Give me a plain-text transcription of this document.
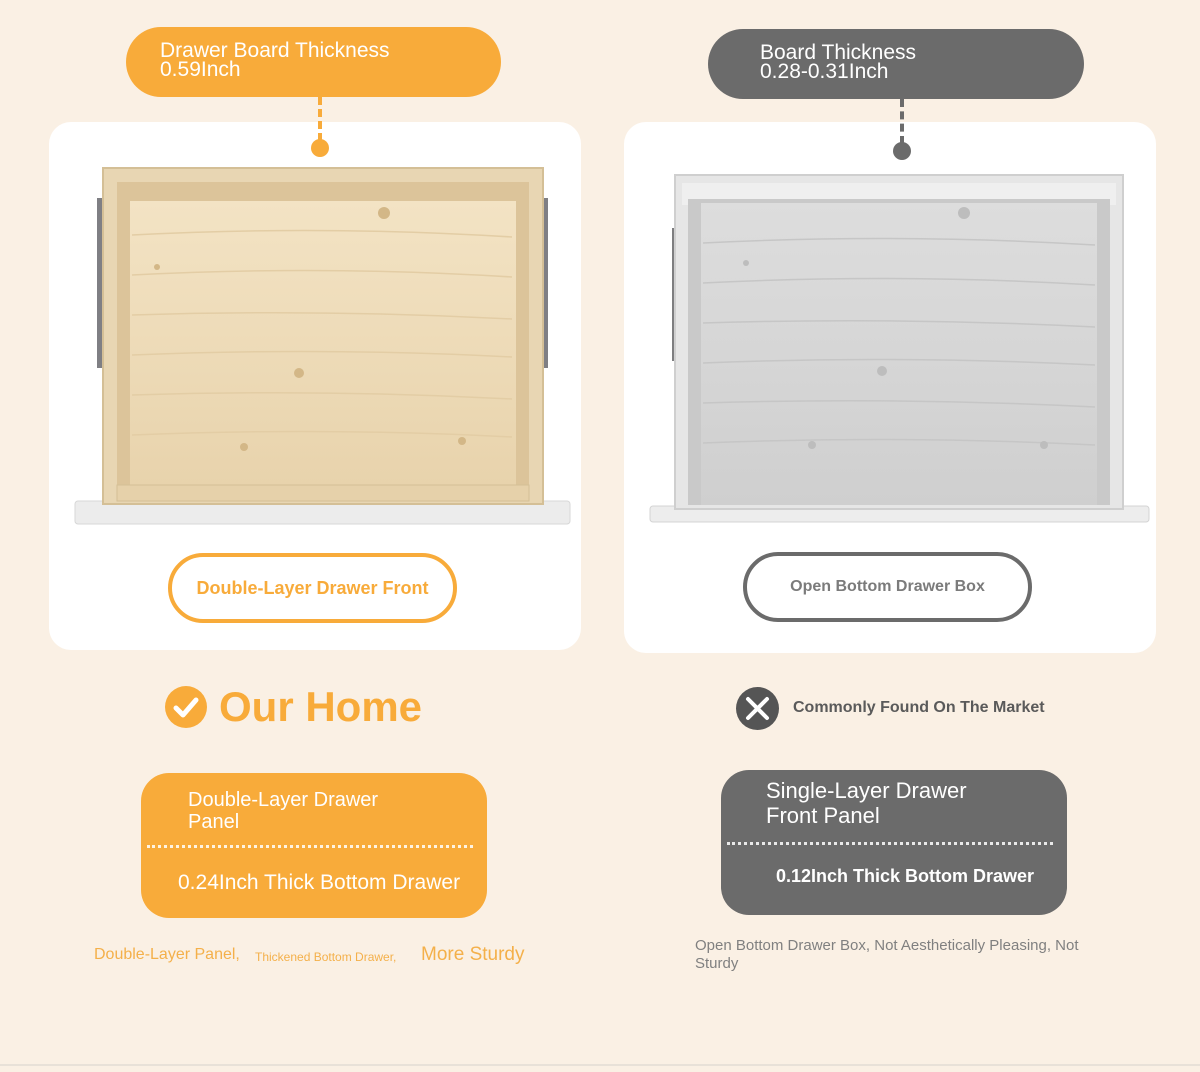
Drawer Board Thickness
0.59Inch
Double-Layer Drawer Front
Our Home
Double-Layer Drawer
Panel
0.24Inch Thick Bottom Drawer
Double-Layer Panel, Thickened Bottom Drawer, More Sturdy
Board Thickness
0.28-0.31Inch
Open Bottom Drawer Box
Commonly Found On The Market
Single-Layer Drawer
Front Panel
0.12Inch Thick Bottom Drawer
Open Bottom Drawer Box, Not Aesthetically Pleasing, Not Sturdy
